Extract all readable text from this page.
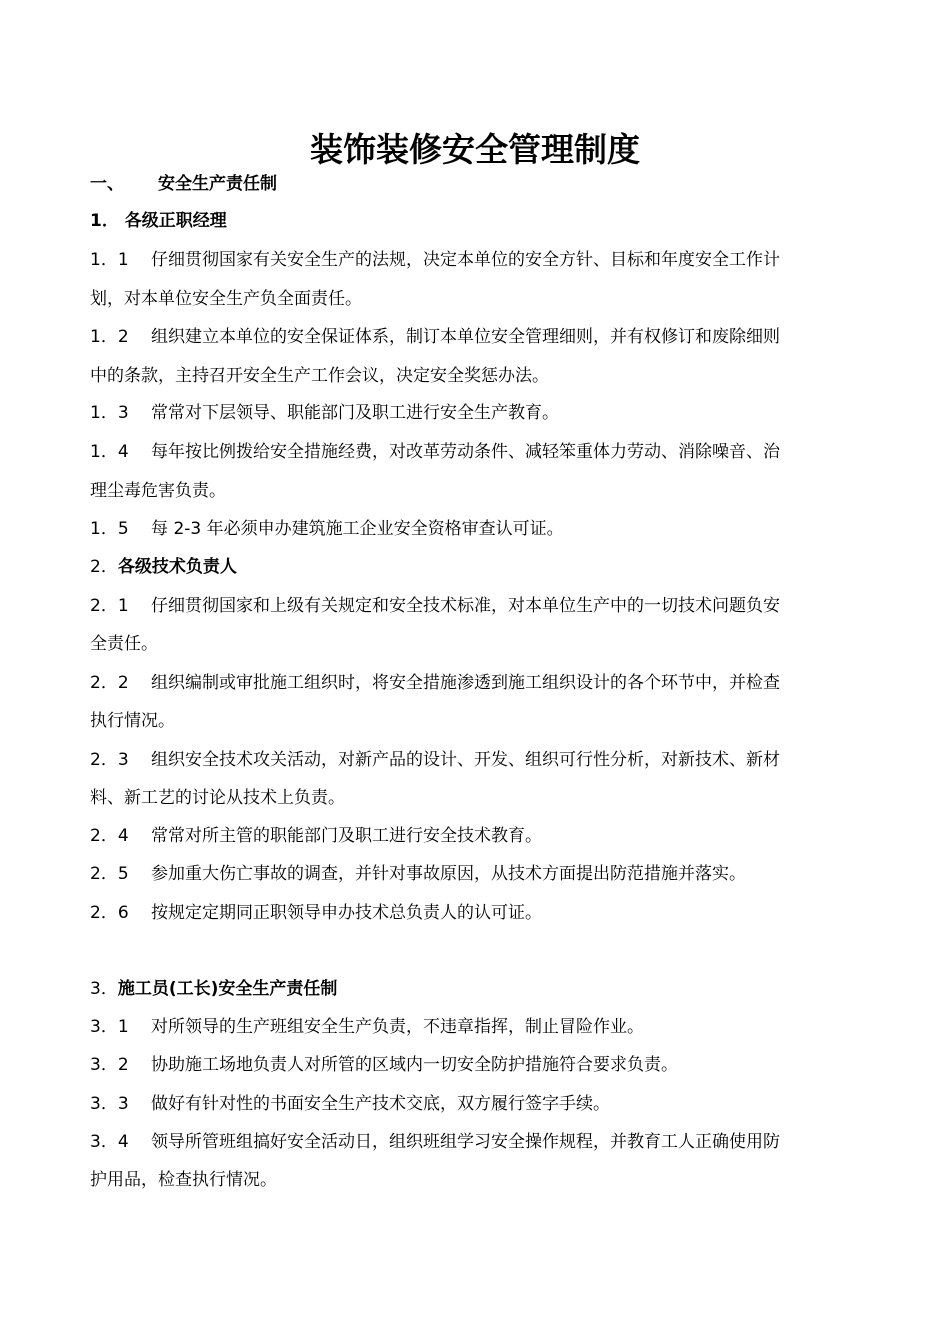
装饰装修安全管理制度
一、 安全生产责任制
1． 各级正职经理
1．1　 仔细贯彻国家有关安全生产的法规，决定本单位的安全方针、目标和年度安全工作计
划，对本单位安全生产负全面责任。
1．2　 组织建立本单位的安全保证体系，制订本单位安全管理细则，并有权修订和废除细则
中的条款，主持召开安全生产工作会议，决定安全奖惩办法。
1．3　 常常对下层领导、职能部门及职工进行安全生产教育。
1．4　 每年按比例拨给安全措施经费，对改革劳动条件、减轻笨重体力劳动、消除噪音、治
理尘毒危害负责。
1．5　 每 2-3 年必须申办建筑施工企业安全资格审查认可证。
2．各级技术负责人
2．1　 仔细贯彻国家和上级有关规定和安全技术标准，对本单位生产中的一切技术问题负安
全责任。
2．2　 组织编制或审批施工组织时，将安全措施渗透到施工组织设计的各个环节中，并检查
执行情况。
2．3　 组织安全技术攻关活动，对新产品的设计、开发、组织可行性分析，对新技术、新材
料、新工艺的讨论从技术上负责。
2．4　 常常对所主管的职能部门及职工进行安全技术教育。
2．5　 参加重大伤亡事故的调查，并针对事故原因，从技术方面提出防范措施并落实。
2．6　 按规定定期同正职领导申办技术总负责人的认可证。
3．施工员(工长)安全生产责任制
3．1　 对所领导的生产班组安全生产负责，不违章指挥，制止冒险作业。
3．2　 协助施工场地负责人对所管的区域内一切安全防护措施符合要求负责。
3．3　 做好有针对性的书面安全生产技术交底，双方履行签字手续。
3．4　 领导所管班组搞好安全活动日，组织班组学习安全操作规程，并教育工人正确使用防
护用品，检查执行情况。
